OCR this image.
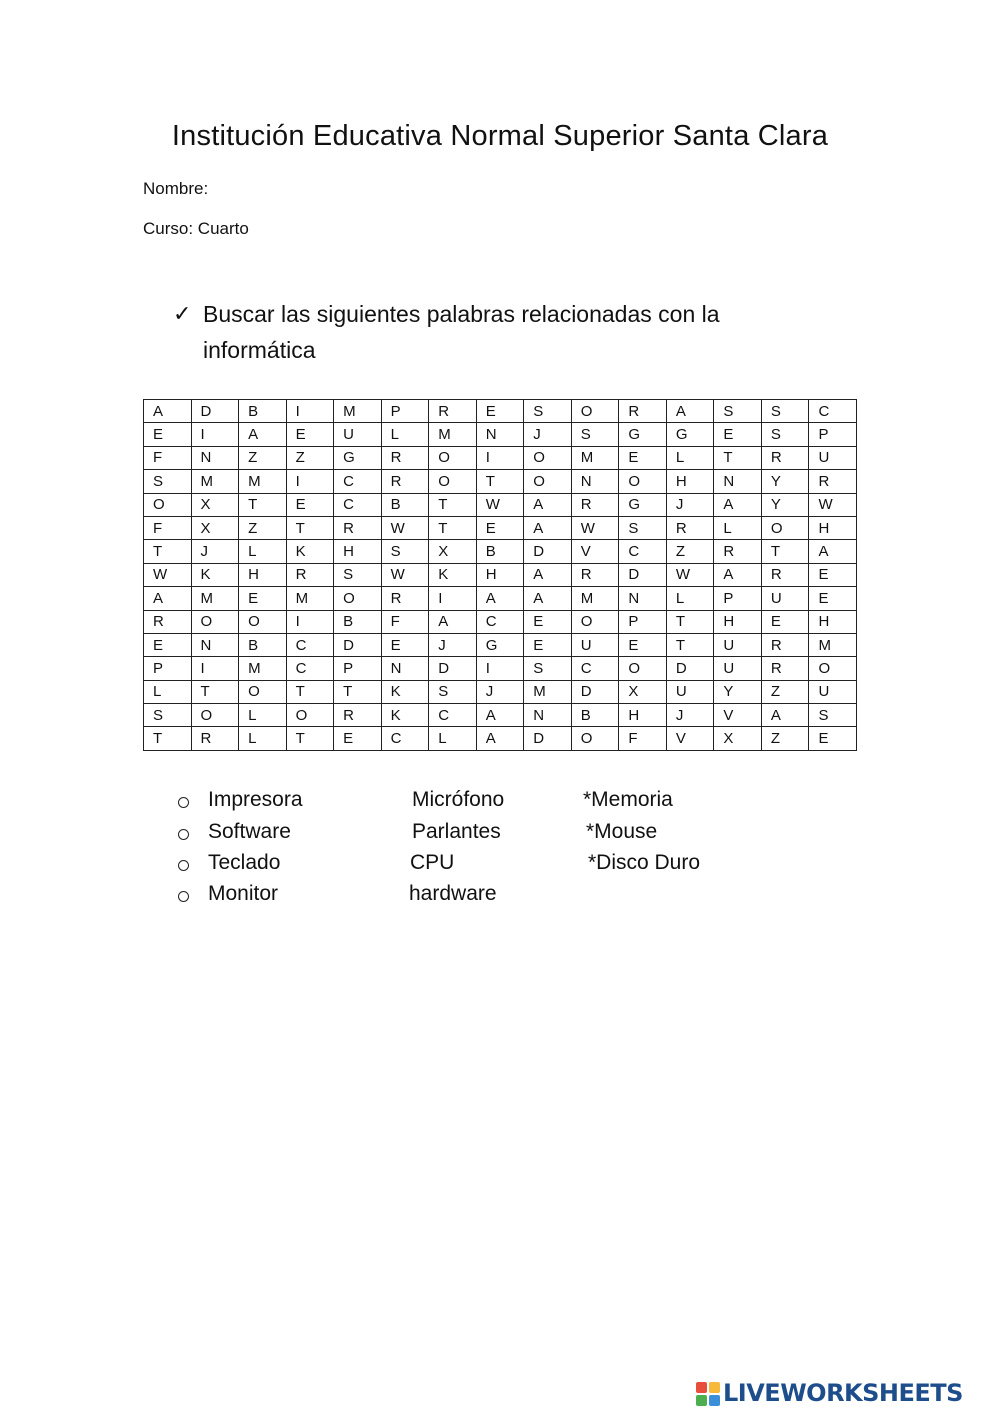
Institución Educativa Normal Superior Santa Clara
Nombre:
Curso: Cuarto
✓ Buscar las siguientes palabras relacionadas con la informática
A	D	B	I	M	P	R	E	S	O	R	A	S	S	C
E	I	A	E	U	L	M	N	J	S	G	G	E	S	P
F	N	Z	Z	G	R	O	I	O	M	E	L	T	R	U
S	M	M	I	C	R	O	T	O	N	O	H	N	Y	R
O	X	T	E	C	B	T	W	A	R	G	J	A	Y	W
F	X	Z	T	R	W	T	E	A	W	S	R	L	O	H
T	J	L	K	H	S	X	B	D	V	C	Z	R	T	A
W	K	H	R	S	W	K	H	A	R	D	W	A	R	E
A	M	E	M	O	R	I	A	A	M	N	L	P	U	E
R	O	O	I	B	F	A	C	E	O	P	T	H	E	H
E	N	B	C	D	E	J	G	E	U	E	T	U	R	M
P	I	M	C	P	N	D	I	S	C	O	D	U	R	O
L	T	O	T	T	K	S	J	M	D	X	U	Y	Z	U
S	O	L	O	R	K	C	A	N	B	H	J	V	A	S
T	R	L	T	E	C	L	A	D	O	F	V	X	Z	E
Impresora	Micrófono	*Memoria
Software	Parlantes	*Mouse
Teclado	CPU	*Disco Duro
Monitor	hardware
LIVEWORKSHEETS
